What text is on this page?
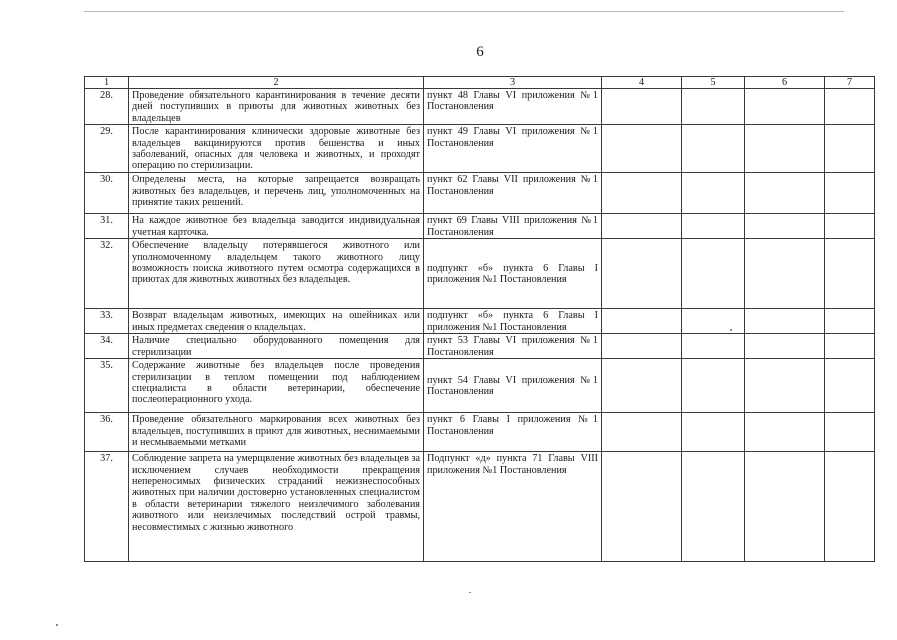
6
1	2	3	4	5	6	7
28.	Проведение обязательного карантинирования в течение десяти дней поступивших в приюты для животных животных без владельцев	пункт 48 Главы VI приложения №1 Постановления				
29.	После карантинирования клинически здоровые животные без владельцев вакцинируются против бешенства и иных заболеваний, опасных для человека и животных, и проходят операцию по стерилизации.	пункт 49 Главы VI приложения №1 Постановления				
30.	Определены места, на которые запрещается возвращать животных без владельцев, и перечень лиц, уполномоченных на принятие таких решений.	пункт 62 Главы VII приложения №1 Постановления				
31.	На каждое животное без владельца заводится индивидуальная учетная карточка.	пункт 69 Главы VIII приложения №1 Постановления				
32.	Обеспечение владельцу потерявшегося животного или уполномоченному владельцем такого животного лицу возможность поиска животного путем осмотра содержащихся в приютах для животных животных без владельцев.	подпункт «б» пункта 6 Главы I приложения №1 Постановления				
33.	Возврат владельцам животных, имеющих на ошейниках или иных предметах сведения о владельцах.	подпункт «б» пункта 6 Главы I приложения №1 Постановления				
34.	Наличие специально оборудованного помещения для стерилизации	пункт 53 Главы VI приложения №1 Постановления				
35.	Содержание животные без владельцев после проведения стерилизации в теплом помещении под наблюдением специалиста в области ветеринарии, обеспечение послеоперационного ухода.	пункт 54 Главы VI приложения №1 Постановления				
36.	Проведение обязательного маркирования всех животных без владельцев, поступивших в приют для животных, неснимаемыми и несмываемыми метками	пункт 6 Главы I приложения №1 Постановления				
37.	Соблюдение запрета на умерщвление животных без владельцев за исключением случаев необходимости прекращения непереносимых физических страданий нежизнеспособных животных при наличии достоверно установленных специалистом в области ветеринарии тяжелого неизлечимого заболевания животного или неизлечимых последствий острой травмы, несовместимых с жизнью животного	Подпункт «д» пункта 71 Главы VIII приложения №1 Постановления				
